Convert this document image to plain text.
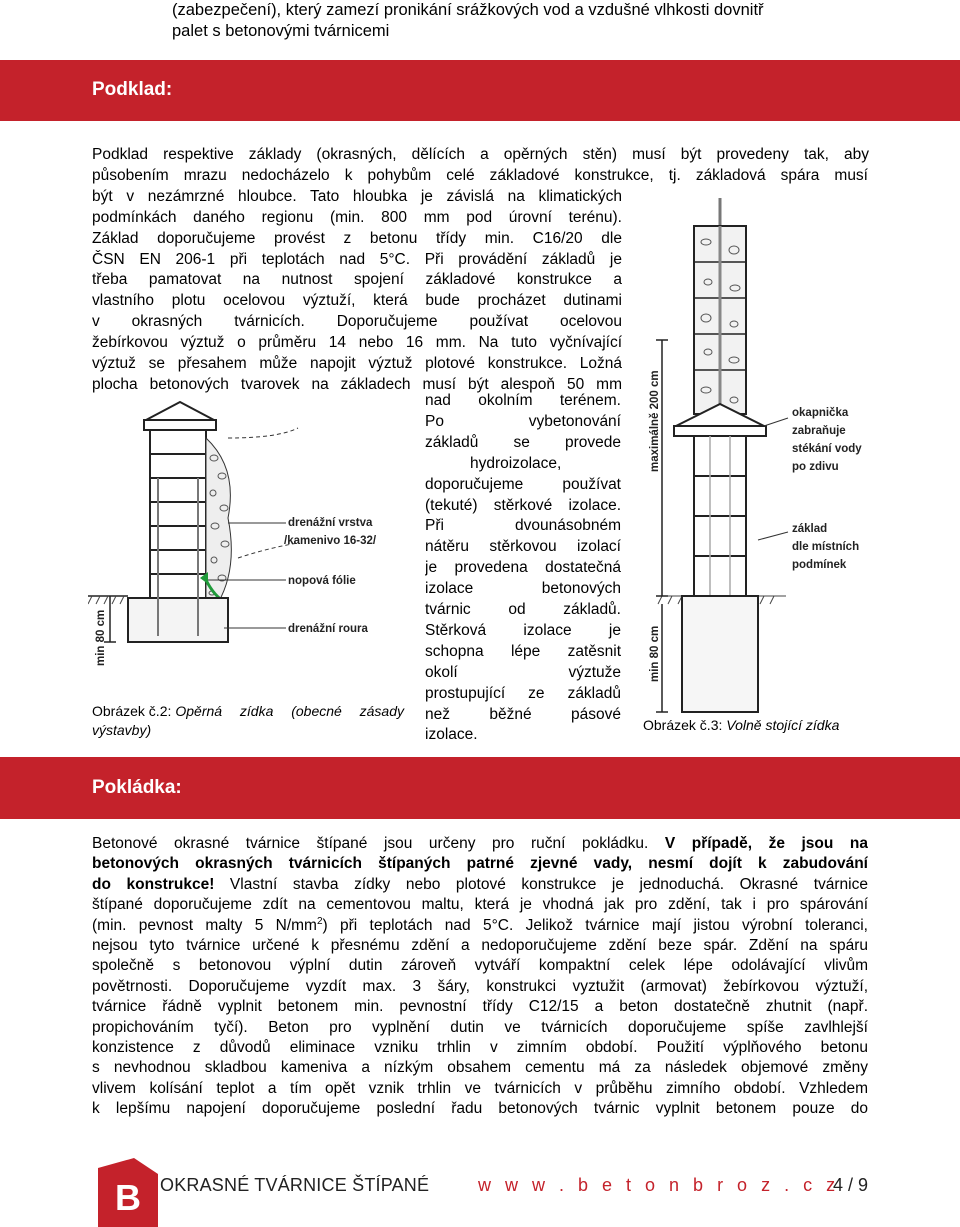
(zabezpečení), který zamezí pronikání srážkových vod a vzdušné vlhkosti dovnitř
palet s betonovými tvárnicemi
Podklad:
Podklad respektive základy (okrasných, dělících a opěrných stěn) musí být provedeny tak, aby
působením mrazu nedocházelo k pohybům celé základové konstrukce, tj. základová spára musí
být v nezámrzné hloubce. Tato hloubka je závislá na klimatických
podmínkách daného regionu (min. 800 mm pod úrovní terénu).
Základ doporučujeme provést z betonu třídy min. C16/20 dle
ČSN EN 206-1 při teplotách nad 5°C. Při provádění základů je
třeba pamatovat na nutnost spojení základové konstrukce a
vlastního plotu ocelovou výztuží, která bude procházet dutinami
v okrasných tvárnicích. Doporučujeme používat ocelovou
žebírkovou výztuž o průměru 14 nebo 16 mm. Na tuto vyčnívající
výztuž se přesahem může napojit výztuž plotové konstrukce. Ložná
plocha betonových tvarovek na základech musí být alespoň 50 mm
nad okolním terénem.
Po vybetonování
základů se provede
hydroizolace,
doporučujeme používat
(tekuté) stěrkové izolace.
Při dvounásobném
nátěru stěrkovou izolací
je provedena dostatečná
izolace betonových
tvárnic od základů.
Stěrková izolace je
schopna lépe zatěsnit
okolí výztuže
prostupující ze základů
než běžné pásové
izolace.
min 80 cm
drenážní vrstva
/kamenivo 16-32/
nopová fólie
drenážní roura
Obrázek č.2: Opěrná zídka (obecné zásady
výstavby)
maximálně 200 cm
min 80 cm
okapnička
zabraňuje
stékání vody
po zdivu
základ
dle místních
podmínek
Obrázek č.3: Volně stojící zídka
Pokládka:
Betonové okrasné tvárnice štípané jsou určeny pro ruční pokládku. V případě, že jsou na
betonových okrasných tvárnicích štípaných patrné zjevné vady, nesmí dojít k zabudování
do konstrukce! Vlastní stavba zídky nebo plotové konstrukce je jednoduchá. Okrasné tvárnice
štípané doporučujeme zdít na cementovou maltu, která je vhodná jak pro zdění, tak i pro spárování
(min. pevnost malty 5 $N/mm^2$) při teplotách nad 5°C. Jelikož tvárnice mají jistou výrobní toleranci,
nejsou tyto tvárnice určené k přesnému zdění a nedoporučujeme zdění beze spár. Zdění na spáru
společně s betonovou výplní dutin zároveň vytváří kompaktní celek lépe odolávající vlivům
povětrnosti. Doporučujeme vyzdít max. 3 šáry, konstrukci vyztužit (armovat) žebírkovou výztuží,
tvárnice řádně vyplnit betonem min. pevnostní třídy C12/15 a beton dostatečně zhutnit (např.
propichováním tyčí). Beton pro vyplnění dutin ve tvárnicích doporučujeme spíše zavlhlejší
konzistence z důvodů eliminace vzniku trhlin v zimním období. Použití výplňového betonu
s nevhodnou skladbou kameniva a nízkým obsahem cementu má za následek objemové změny
vlivem kolísání teplot a tím opět vznik trhlin ve tvárnicích v průběhu zimního období. Vzhledem
k lepšímu napojení doporučujeme poslední řadu betonových tvárnic vyplnit betonem pouze do
B OKRASNÉ TVÁRNICE ŠTÍPANÉ	w w w . b e t o n b r o z . c z
4 / 9
